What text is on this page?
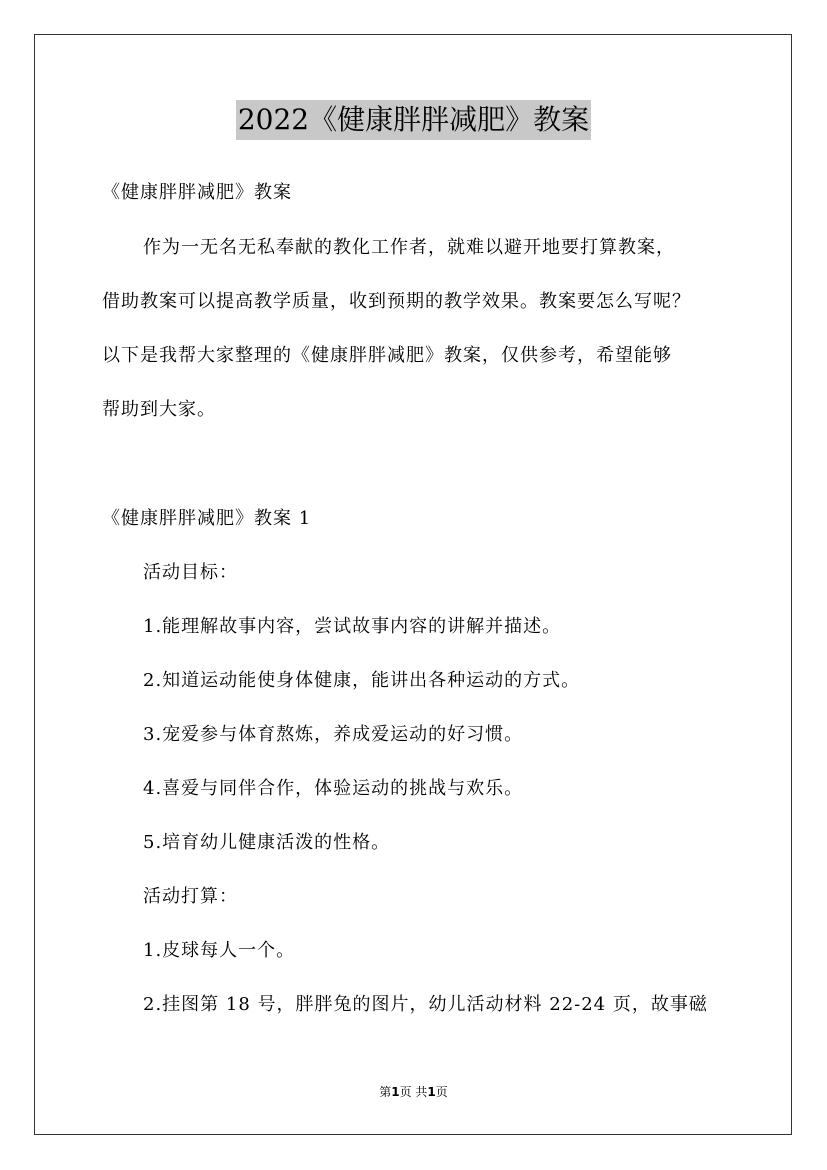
2022《健康胖胖减肥》教案
《健康胖胖减肥》教案
作为一无名无私奉献的教化工作者，就难以避开地要打算教案，
借助教案可以提高教学质量，收到预期的教学效果。教案要怎么写呢？
以下是我帮大家整理的《健康胖胖减肥》教案，仅供参考，希望能够
帮助到大家。
《健康胖胖减肥》教案 1
活动目标：
1.能理解故事内容，尝试故事内容的讲解并描述。
2.知道运动能使身体健康，能讲出各种运动的方式。
3.宠爱参与体育熬炼，养成爱运动的好习惯。
4.喜爱与同伴合作，体验运动的挑战与欢乐。
5.培育幼儿健康活泼的性格。
活动打算：
1.皮球每人一个。
2.挂图第 18 号，胖胖兔的图片，幼儿活动材料 22-24 页，故事磁
第1页 共1页
